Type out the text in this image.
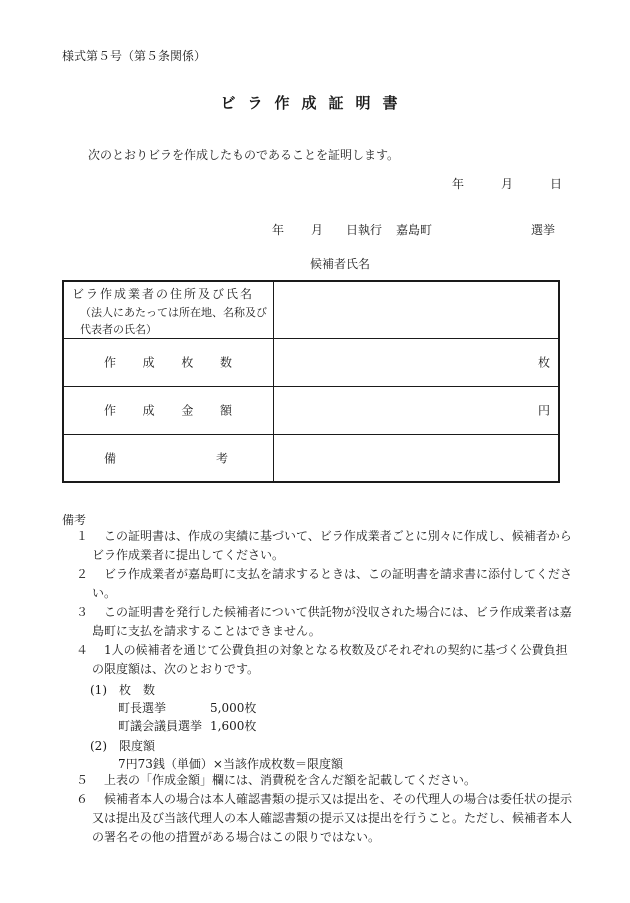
様式第５号（第５条関係）
ビラ作成証明書
次のとおりビラを作成したものであることを証明します。
年	月	日
年 月 日執行 嘉島町	選挙
候補者氏名
ビラ作成業者の住所及び氏名
（法人にあたっては所在地、名称及び
代表者の氏名）	

作 成 枚 数	枚

作 成 金 額	円

備 考	

備考
１ 　この証明書は、作成の実績に基づいて、ビラ作成業者ごとに別々に作成し、候補者からビラ作成業者に提出してください。
２ 　ビラ作成業者が嘉島町に支払を請求するときは、この証明書を請求書に添付してください。
３ 　この証明書を発行した候補者について供託物が没収された場合には、ビラ作成業者は嘉島町に支払を請求することはできません。
４ 　1人の候補者を通じて公費負担の対象となる枚数及びそれぞれの契約に基づく公費負担の限度額は、次のとおりです。
(1)　枚　数
町長選挙	5,000枚
町議会議員選挙 1,600枚
(2)　限度額
7円73銭（単価）×当該作成枚数＝限度額
５ 　上表の「作成金額」欄には、消費税を含んだ額を記載してください。
６ 　候補者本人の場合は本人確認書類の提示又は提出を、その代理人の場合は委任状の提示又は提出及び当該代理人の本人確認書類の提示又は提出を行うこと。ただし、候補者本人の署名その他の措置がある場合はこの限りではない。
